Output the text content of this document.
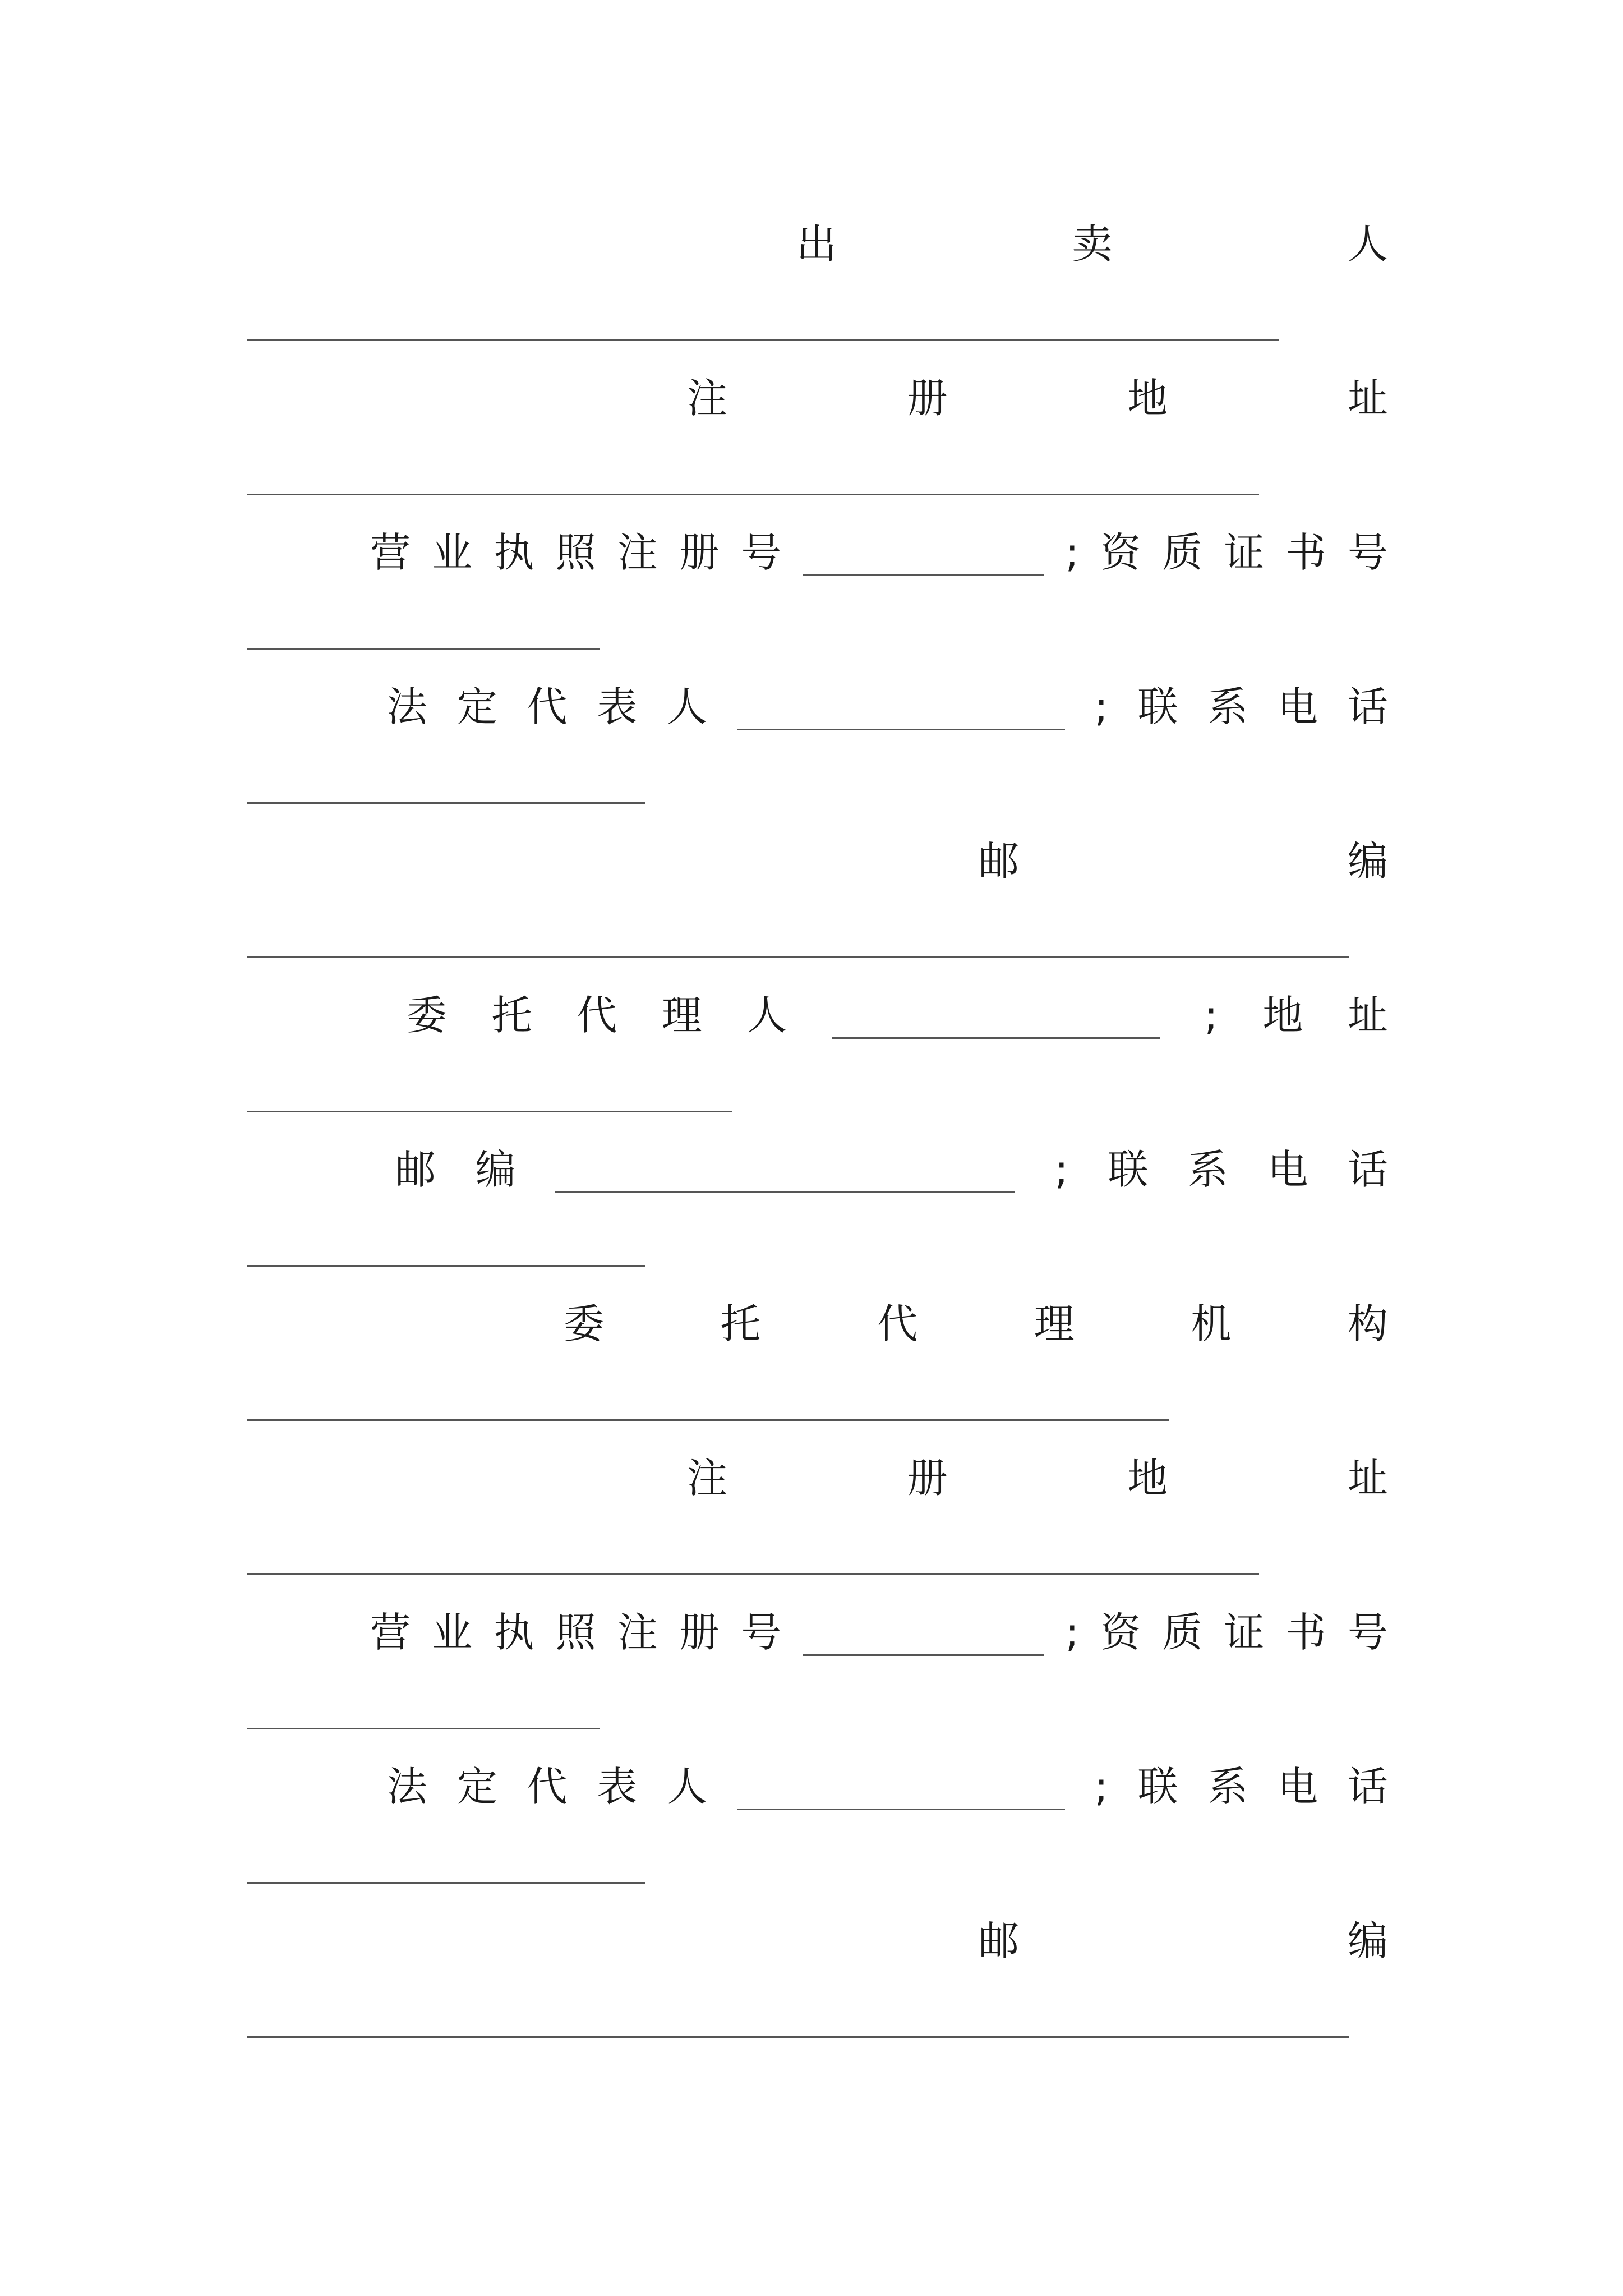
出	卖	人
注	册	地	址
营 业 执 照 注 册 号	; 资 质 证 书 号
法 定 代 表 人	; 联 系 电 话
邮	编
委 托 代 理 人	; 地 址
邮 编	; 联 系 电 话
委	托	代	理	机	构
注	册	地	址
营 业 执 照 注 册 号	; 资 质 证 书 号
法 定 代 表 人	; 联 系 电 话
邮	编
